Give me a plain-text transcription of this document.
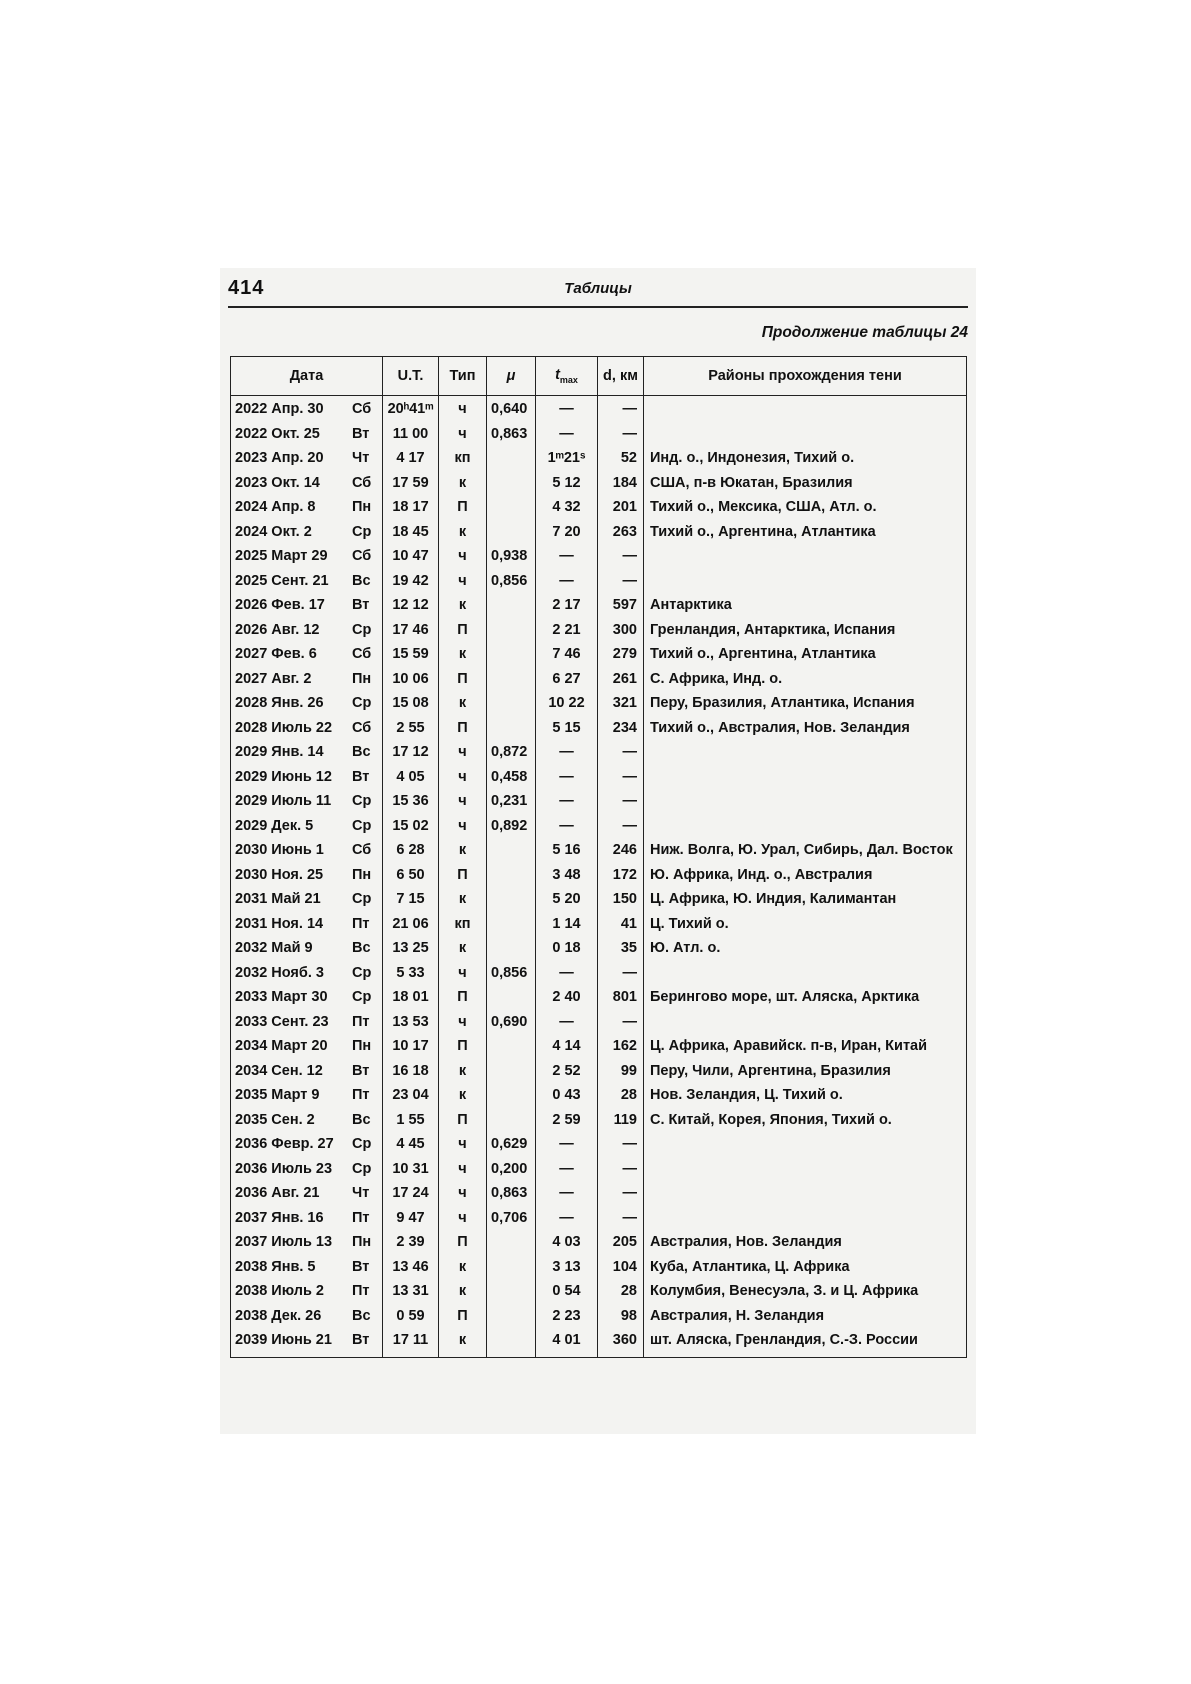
414	Таблицы
Продолжение таблицы 24
Дата	U.T.	Тип	μ	$t_{max}$	d, км	Районы прохождения тени
2022 Апр. 30 Сб	20ʰ41ᵐ	ч	0,640	—	—	
2022 Окт. 25 Вт	11 00	ч	0,863	—	—	
2023 Апр. 20 Чт	4 17	кп		1ᵐ21ˢ	52	Инд. о., Индонезия, Тихий о.
2023 Окт. 14 Сб	17 59	к		5 12	184	США, п-в Юкатан, Бразилия
2024 Апр. 8 Пн	18 17	П		4 32	201	Тихий о., Мексика, США, Атл. о.
2024 Окт. 2 Ср	18 45	к		7 20	263	Тихий о., Аргентина, Атлантика
2025 Март 29 Сб	10 47	ч	0,938	—	—	
2025 Сент. 21 Вс	19 42	ч	0,856	—	—	
2026 Фев. 17 Вт	12 12	к		2 17	597	Антарктика
2026 Авг. 12 Ср	17 46	П		2 21	300	Гренландия, Антарктика, Испания
2027 Фев. 6 Сб	15 59	к		7 46	279	Тихий о., Аргентина, Атлантика
2027 Авг. 2 Пн	10 06	П		6 27	261	С. Африка, Инд. о.
2028 Янв. 26 Ср	15 08	к		10 22	321	Перу, Бразилия, Атлантика, Испания
2028 Июль 22 Сб	2 55	П		5 15	234	Тихий о., Австралия, Нов. Зеландия
2029 Янв. 14 Вс	17 12	ч	0,872	—	—	
2029 Июнь 12 Вт	4 05	ч	0,458	—	—	
2029 Июль 11 Ср	15 36	ч	0,231	—	—	
2029 Дек. 5 Ср	15 02	ч	0,892	—	—	
2030 Июнь 1 Сб	6 28	к		5 16	246	Ниж. Волга, Ю. Урал, Сибирь, Дал. Восток
2030 Ноя. 25 Пн	6 50	П		3 48	172	Ю. Африка, Инд. о., Австралия
2031 Май 21 Ср	7 15	к		5 20	150	Ц. Африка, Ю. Индия, Калимантан
2031 Ноя. 14 Пт	21 06	кп		1 14	41	Ц. Тихий о.
2032 Май 9 Вс	13 25	к		0 18	35	Ю. Атл. о.
2032 Нояб. 3 Ср	5 33	ч	0,856	—	—	
2033 Март 30 Ср	18 01	П		2 40	801	Берингово море, шт. Аляска, Арктика
2033 Сент. 23 Пт	13 53	ч	0,690	—	—	
2034 Март 20 Пн	10 17	П		4 14	162	Ц. Африка, Аравийск. п-в, Иран, Китай
2034 Сен. 12 Вт	16 18	к		2 52	99	Перу, Чили, Аргентина, Бразилия
2035 Март 9 Пт	23 04	к		0 43	28	Нов. Зеландия, Ц. Тихий о.
2035 Сен. 2 Вс	1 55	П		2 59	119	С. Китай, Корея, Япония, Тихий о.
2036 Февр. 27 Ср	4 45	ч	0,629	—	—	
2036 Июль 23 Ср	10 31	ч	0,200	—	—	
2036 Авг. 21 Чт	17 24	ч	0,863	—	—	
2037 Янв. 16 Пт	9 47	ч	0,706	—	—	
2037 Июль 13 Пн	2 39	П		4 03	205	Австралия, Нов. Зеландия
2038 Янв. 5 Вт	13 46	к		3 13	104	Куба, Атлантика, Ц. Африка
2038 Июль 2 Пт	13 31	к		0 54	28	Колумбия, Венесуэла, З. и Ц. Африка
2038 Дек. 26 Вс	0 59	П		2 23	98	Австралия, Н. Зеландия
2039 Июнь 21 Вт	17 11	к		4 01	360	шт. Аляска, Гренландия, С.-З. России
